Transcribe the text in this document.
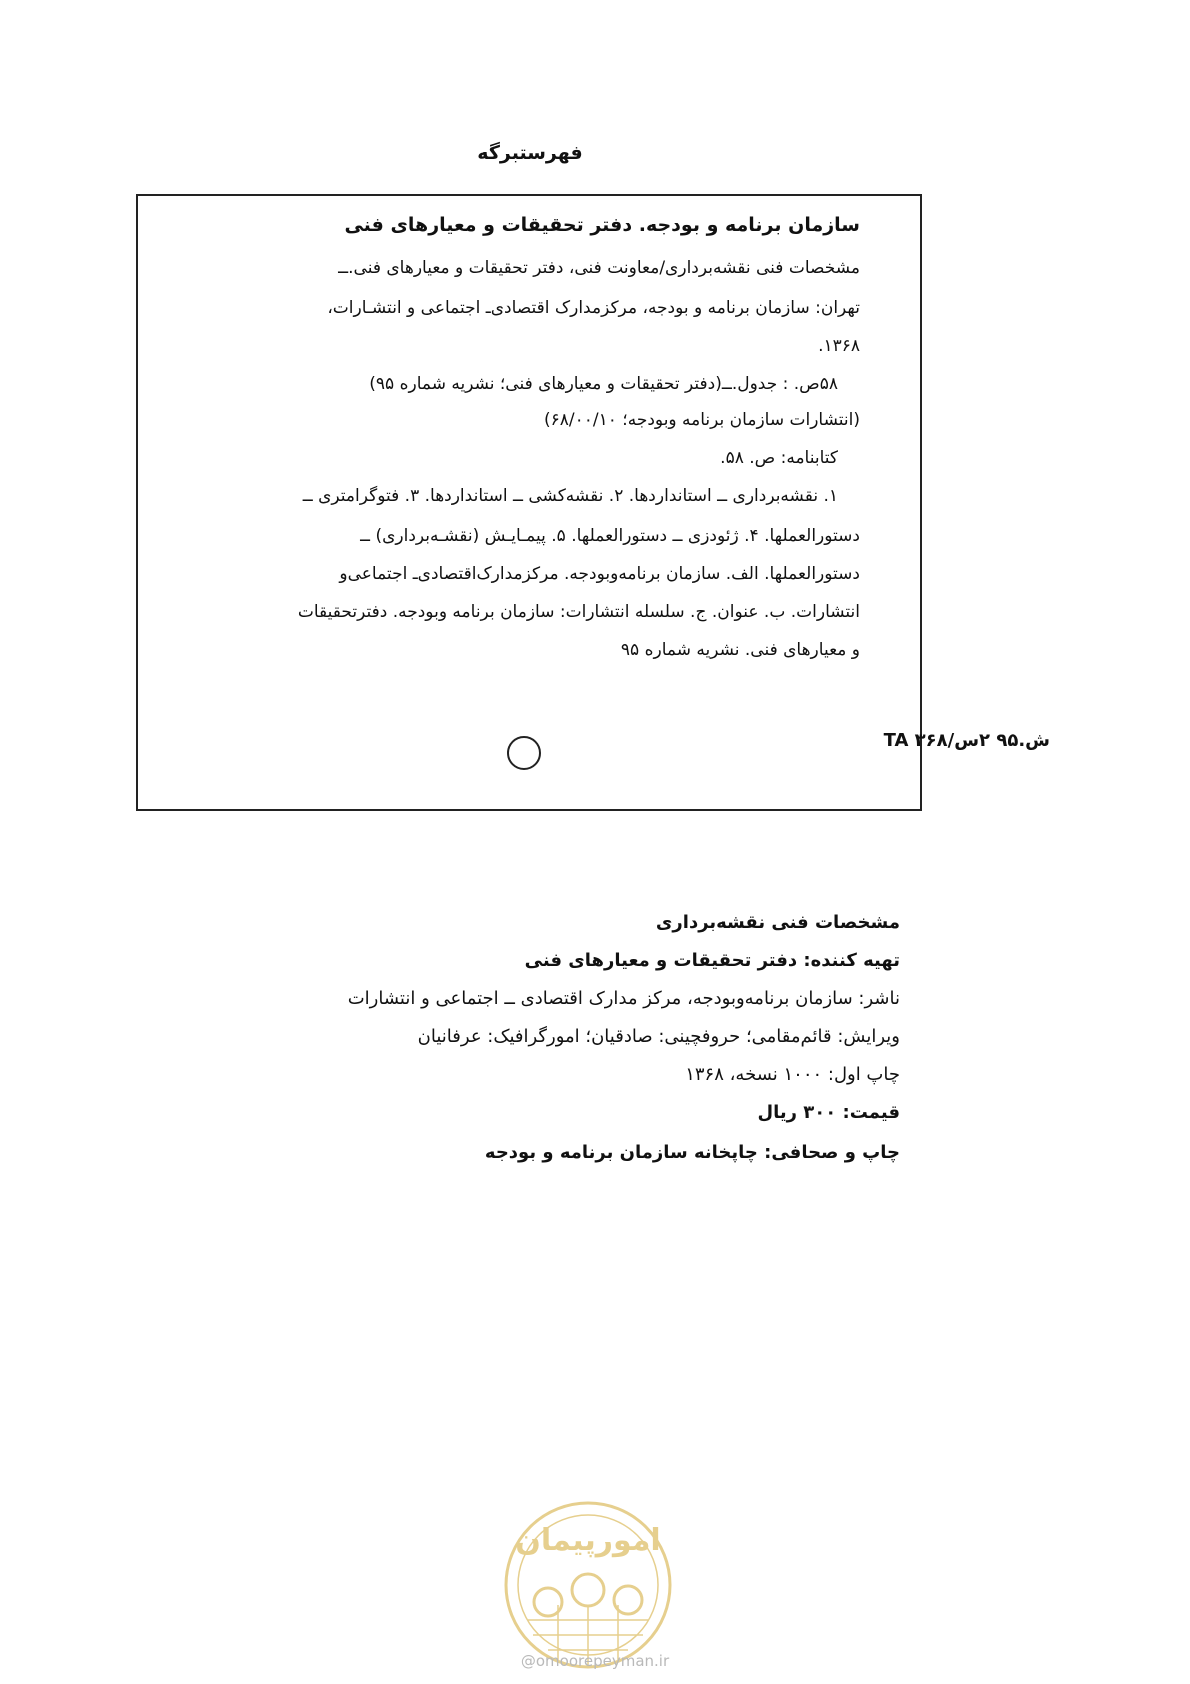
فهرستبرگه
سازمان برنامه و بودجه. دفتر تحقیقات و معیارهای فنی
مشخصات فنی نقشه‌برداری/معاونت فنی، دفتر تحقیقات و معیارهای فنی.ــ
تهران: سازمان برنامه و بودجه، مرکزمدارک اقتصادی‌ـ اجتماعی و انتشـارات،
۱۳۶۸.
۵۸ص. : جدول.ــ(دفتر تحقیقات و معیارهای فنی؛ نشریه شماره ۹۵)
(انتشارات سازمان برنامه وبودجه؛ ۶۸/۰۰/۱۰)
کتابنامه: ص. ۵۸.
۱. نقشه‌برداری ــ استانداردها. ۲. نقشه‌کشی ــ استانداردها. ۳. فتوگرامتری ــ
دستورالعملها. ۴. ژئودزی ــ دستورالعملها. ۵. پیمـایـش (نقشـه‌برداری) ــ
دستورالعملها. الف. سازمان برنامه‌وبودجه. مرکزمدارک‌اقتصادی‌ـ اجتماعی‌و
انتشارات. ب. عنوان. ج. سلسله انتشارات: سازمان برنامه وبودجه. دفترتحقیقات
و معیارهای فنی. نشریه شماره ۹۵
ش.۹۵ ۲س/۳۶۸ TA
مشخصات فنی نقشه‌برداری
تهیه کننده: دفتر تحقیقات و معیارهای فنی
ناشر: سازمان برنامه‌وبودجه، مرکز مدارک اقتصادی ــ اجتماعی و انتشارات
ویرایش: قائم‌مقامی؛ حروفچینی: صادقیان؛ امورگرافیک: عرفانیان
چاپ اول: ۱۰۰۰ نسخه، ۱۳۶۸
قیمت: ۳۰۰ ریال
چاپ و صحافی: چاپخانه سازمان برنامه و بودجه
امورپیمان
@omoorepeyman.ir
